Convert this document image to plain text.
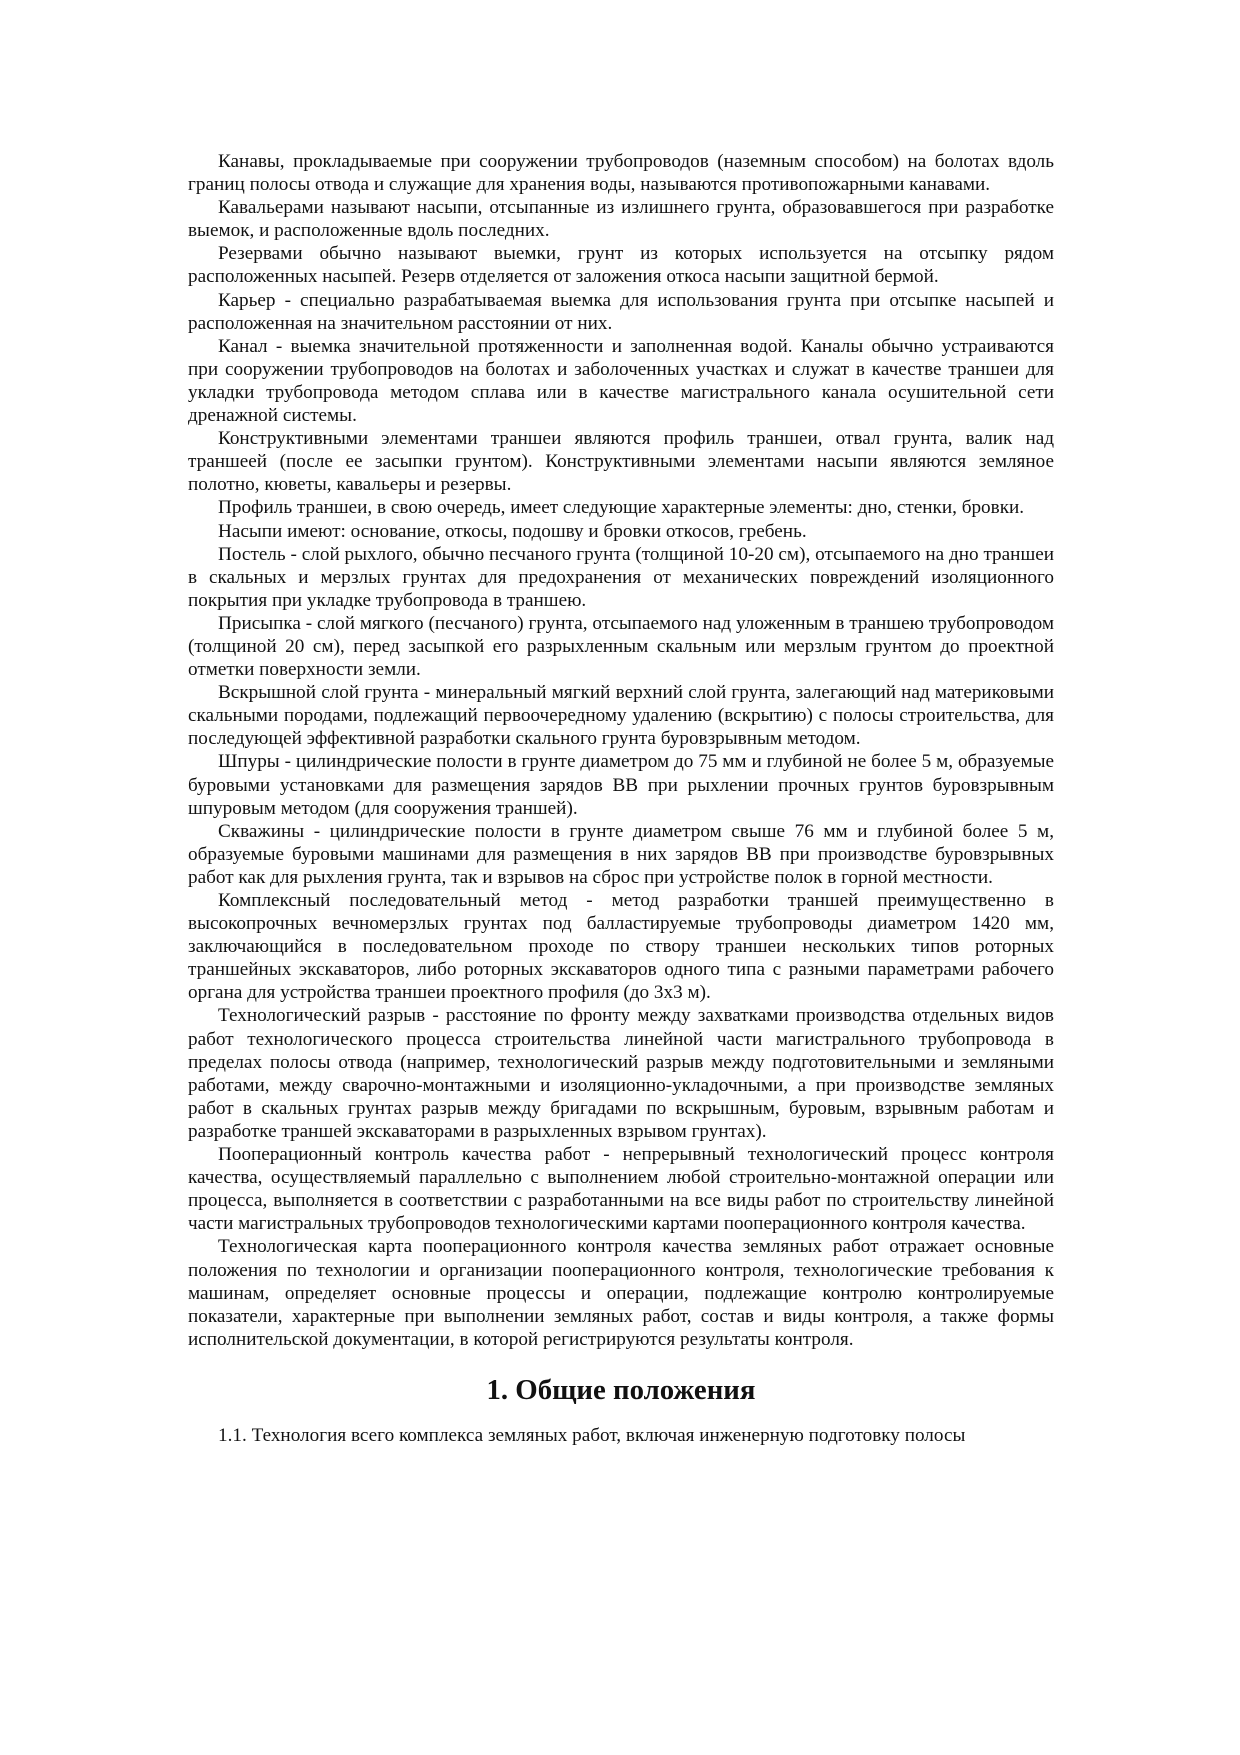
Канавы, прокладываемые при сооружении трубопроводов (наземным способом) на болотах вдоль границ полосы отвода и служащие для хранения воды, называются противопожарными канавами.

Кавальерами называют насыпи, отсыпанные из излишнего грунта, образовавшегося при разработке выемок, и расположенные вдоль последних.

Резервами обычно называют выемки, грунт из которых используется на отсыпку рядом расположенных насыпей. Резерв отделяется от заложения откоса насыпи защитной бермой.

Карьер - специально разрабатываемая выемка для использования грунта при отсыпке насыпей и расположенная на значительном расстоянии от них.

Канал - выемка значительной протяженности и заполненная водой. Каналы обычно устраиваются при сооружении трубопроводов на болотах и заболоченных участках и служат в качестве траншеи для укладки трубопровода методом сплава или в качестве магистрального канала осушительной сети дренажной системы.

Конструктивными элементами траншеи являются профиль траншеи, отвал грунта, валик над траншеей (после ее засыпки грунтом). Конструктивными элементами насыпи являются земляное полотно, кюветы, кавальеры и резервы.

Профиль траншеи, в свою очередь, имеет следующие характерные элементы: дно, стенки, бровки.

Насыпи имеют: основание, откосы, подошву и бровки откосов, гребень.

Постель - слой рыхлого, обычно песчаного грунта (толщиной 10-20 см), отсыпаемого на дно траншеи в скальных и мерзлых грунтах для предохранения от механических повреждений изоляционного покрытия при укладке трубопровода в траншею.

Присыпка - слой мягкого (песчаного) грунта, отсыпаемого над уложенным в траншею трубопроводом (толщиной 20 см), перед засыпкой его разрыхленным скальным или мерзлым грунтом до проектной отметки поверхности земли.

Вскрышной слой грунта - минеральный мягкий верхний слой грунта, залегающий над материковыми скальными породами, подлежащий первоочередному удалению (вскрытию) с полосы строительства, для последующей эффективной разработки скального грунта буровзрывным методом.

Шпуры - цилиндрические полости в грунте диаметром до 75 мм и глубиной не более 5 м, образуемые буровыми установками для размещения зарядов ВВ при рыхлении прочных грунтов буровзрывным шпуровым методом (для сооружения траншей).

Скважины - цилиндрические полости в грунте диаметром свыше 76 мм и глубиной более 5 м, образуемые буровыми машинами для размещения в них зарядов ВВ при производстве буровзрывных работ как для рыхления грунта, так и взрывов на сброс при устройстве полок в горной местности.

Комплексный последовательный метод - метод разработки траншей преимущественно в высокопрочных вечномерзлых грунтах под балластируемые трубопроводы диаметром 1420 мм, заключающийся в последовательном проходе по створу траншеи нескольких типов роторных траншейных экскаваторов, либо роторных экскаваторов одного типа с разными параметрами рабочего органа для устройства траншеи проектного профиля (до 3х3 м).

Технологический разрыв - расстояние по фронту между захватками производства отдельных видов работ технологического процесса строительства линейной части магистрального трубопровода в пределах полосы отвода (например, технологический разрыв между подготовительными и земляными работами, между сварочно-монтажными и изоляционно-укладочными, а при производстве земляных работ в скальных грунтах разрыв между бригадами по вскрышным, буровым, взрывным работам и разработке траншей экскаваторами в разрыхленных взрывом грунтах).

Пооперационный контроль качества работ - непрерывный технологический процесс контроля качества, осуществляемый параллельно с выполнением любой строительно-монтажной операции или процесса, выполняется в соответствии с разработанными на все виды работ по строительству линейной части магистральных трубопроводов технологическими картами пооперационного контроля качества.

Технологическая карта пооперационного контроля качества земляных работ отражает основные положения по технологии и организации пооперационного контроля, технологические требования к машинам, определяет основные процессы и операции, подлежащие контролю контролируемые показатели, характерные при выполнении земляных работ, состав и виды контроля, а также формы исполнительской документации, в которой регистрируются результаты контроля.

1. Общие положения

1.1. Технология всего комплекса земляных работ, включая инженерную подготовку полосы
